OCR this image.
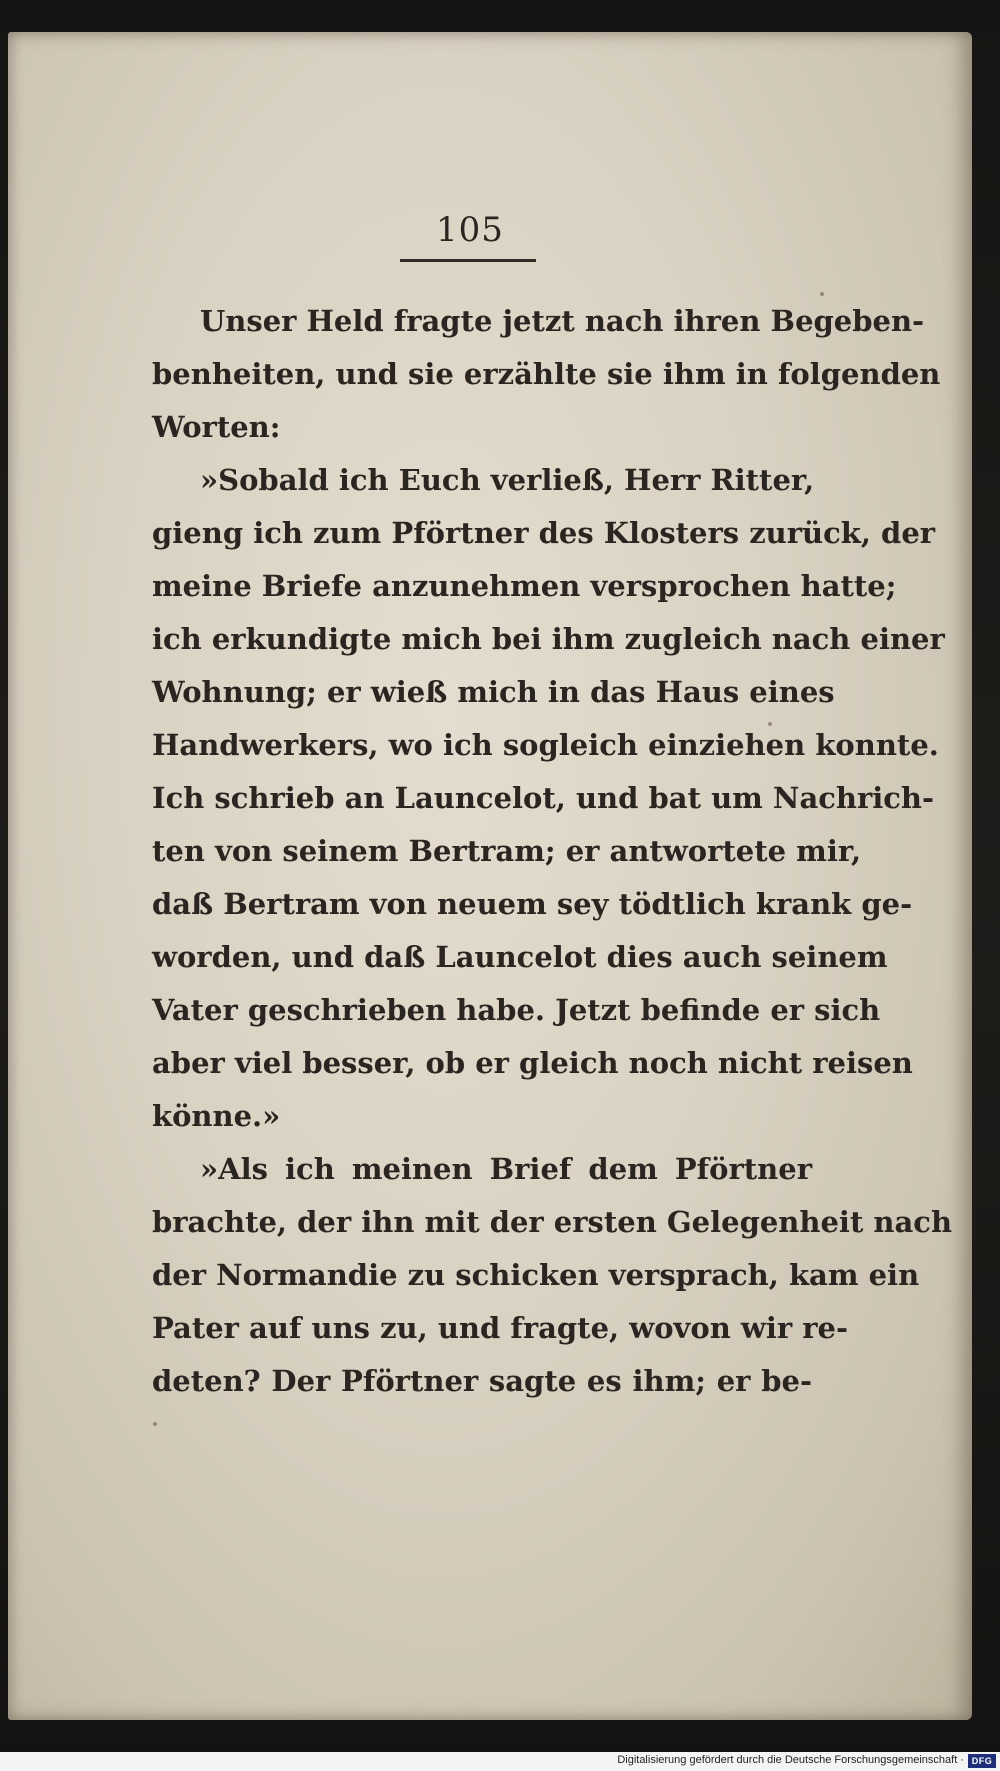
105
Unser Held fragte jetzt nach ihren Begeben-
benheiten, und sie erzählte sie ihm in folgenden
Worten:
»Sobald ich Euch verließ, Herr Ritter,
gieng ich zum Pförtner des Klosters zurück, der
meine Briefe anzunehmen versprochen hatte;
ich erkundigte mich bei ihm zugleich nach einer
Wohnung; er wieß mich in das Haus eines
Handwerkers, wo ich sogleich einziehen konnte.
Ich schrieb an Launcelot, und bat um Nachrich-
ten von seinem Bertram; er antwortete mir,
daß Bertram von neuem sey tödtlich krank ge-
worden, und daß Launcelot dies auch seinem
Vater geschrieben habe. Jetzt befinde er sich
aber viel besser, ob er gleich noch nicht reisen
könne.»
»Als ich meinen Brief dem Pförtner
brachte, der ihn mit der ersten Gelegenheit nach
der Normandie zu schicken versprach, kam ein
Pater auf uns zu, und fragte, wovon wir re-
deten? Der Pförtner sagte es ihm; er be-
Digitalisierung gefördert durch die Deutsche Forschungsgemeinschaft · DFG
